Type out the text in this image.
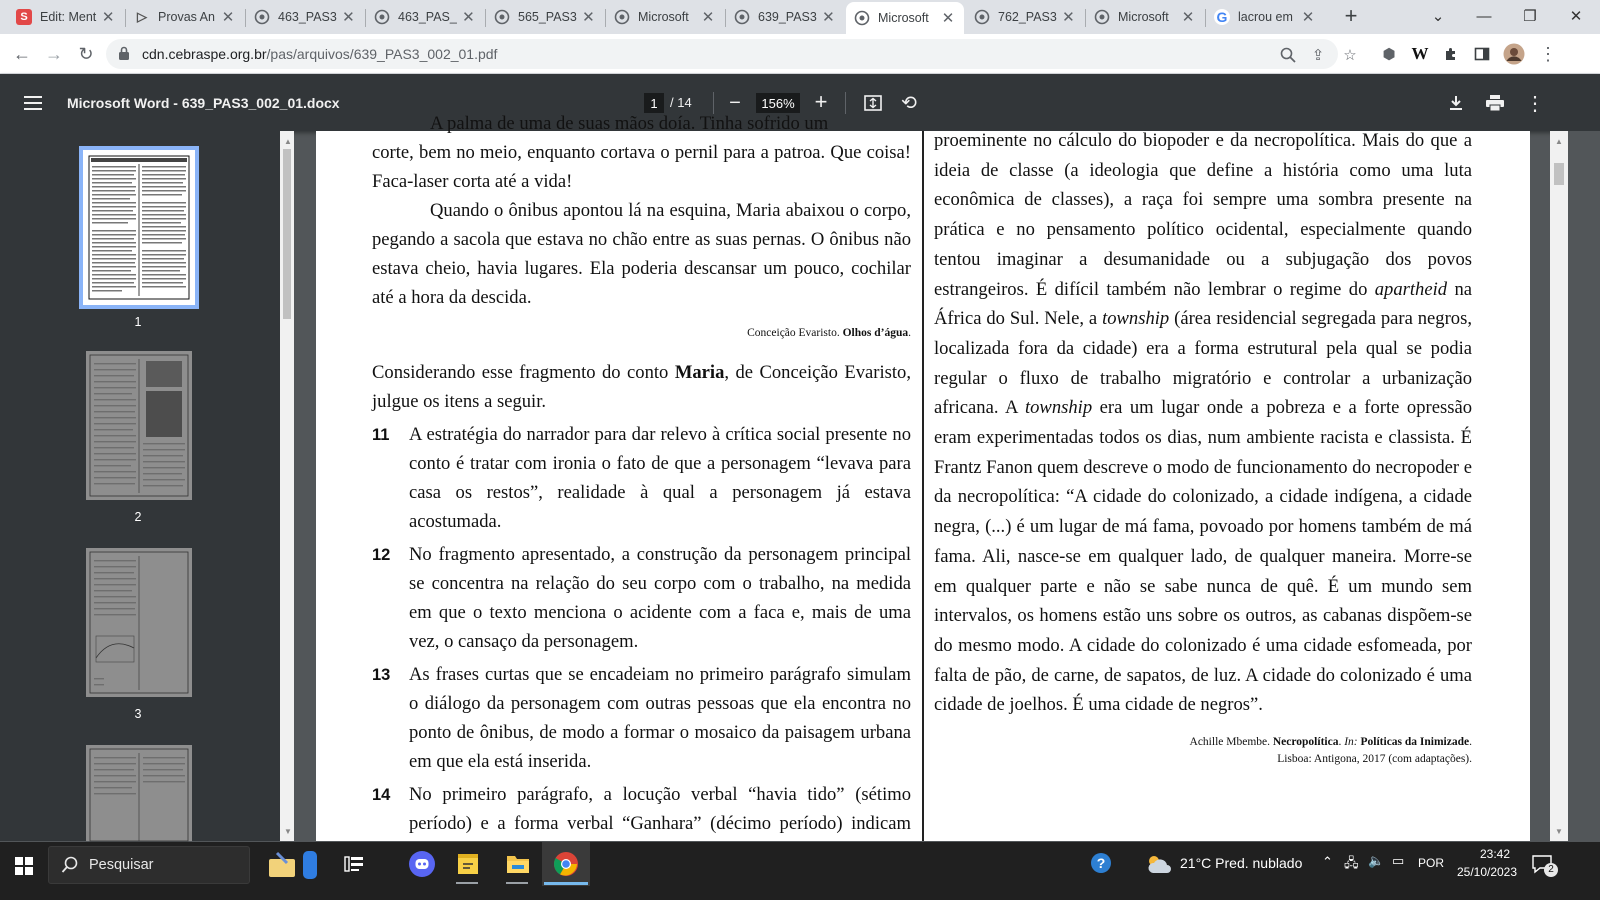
S Edit: Ment ✕ ▷ Provas An ✕	463_PAS3 ✕	463_PAS_ ✕	565_PAS3 ✕	Microsoft ✕	639_PAS3 ✕	Microsoft ✕	762_PAS3 ✕	Microsoft ✕ G lacrou em ✕	+	⌄	—	❐	✕
← → ↻	cdn.cebraspe.org.br/pas/arquivos/639_PAS3_002_01.pdf	⇪ ☆	⬢ W	⋮
Microsoft Word - 639_PAS3_002_01.docx	1 / 14 −	156% +	⟲	⋮
1
2
3
▲
▼

A palma de uma de suas mãos doía. Tinha sofrido um

corte, bem no meio, enquanto cortava o pernil para a patroa. Que coisa! Faca-laser corta até a vida!

Quando o ônibus apontou lá na esquina, Maria abaixou o corpo, pegando a sacola que estava no chão entre as suas pernas. O ônibus não estava cheio, havia lugares. Ela poderia descansar um pouco, cochilar até a hora da descida.

Conceição Evaristo. Olhos d’água.

Considerando esse fragmento do conto Maria, de Conceição Evaristo, julgue os itens a seguir.

11	A estratégia do narrador para dar relevo à crítica social presente no conto é tratar com ironia o fato de que a personagem “levava para casa os restos”, realidade à qual a personagem já estava acostumada.
12	No fragmento apresentado, a construção da personagem principal se concentra na relação do seu corpo com o trabalho, na medida em que o texto menciona o acidente com a faca e, mais de uma vez, o cansaço da personagem.
13	As frases curtas que se encadeiam no primeiro parágrafo simulam o diálogo da personagem com outras pessoas que ela encontra no ponto de ônibus, de modo a formar o mosaico da paisagem urbana em que ela está inserida.
14	No primeiro parágrafo, a locução verbal “havia tido” (sétimo período) e a forma verbal “Ganhara” (décimo período) indicam

proeminente no cálculo do biopoder e da necropolítica. Mais do que a ideia de classe (a ideologia que define a história como uma luta econômica de classes), a raça foi sempre uma sombra presente na prática e no pensamento político ocidental, especialmente quando tentou imaginar a desumanidade ou a subjugação dos povos estrangeiros. É difícil também não lembrar o regime do apartheid na África do Sul. Nele, a township (área residencial segregada para negros, localizada fora da cidade) era a forma estrutural pela qual se podia regular o fluxo de trabalho migratório e controlar a urbanização africana. A township era um lugar onde a pobreza e a forte opressão eram experimentadas todos os dias, num ambiente racista e classista. É Frantz Fanon quem descreve o modo de funcionamento do necropoder e da necropolítica: “A cidade do colonizado, a cidade indígena, a cidade negra, (...) é um lugar de má fama, povoado por homens também de má fama. Ali, nasce-se em qualquer lado, de qualquer maneira. Morre-se em qualquer parte e não se sabe nunca de quê. É um mundo sem intervalos, os homens estão uns sobre os outros, as cabanas dispõem-se do mesmo modo. A cidade do colonizado é uma cidade esfomeada, por falta de pão, de carne, de sapatos, de luz. A cidade do colonizado é uma cidade de joelhos. É uma cidade de negros”.

Achille Mbembe. Necropolítica. In: Políticas da Inimizade.
Lisboa: Antigona, 2017 (com adaptações).

▲
▼
Pesquisar	?	21°C Pred. nublado ⌃ 🖧 🔈 ▭ POR
23:42
25/10/2023	2
